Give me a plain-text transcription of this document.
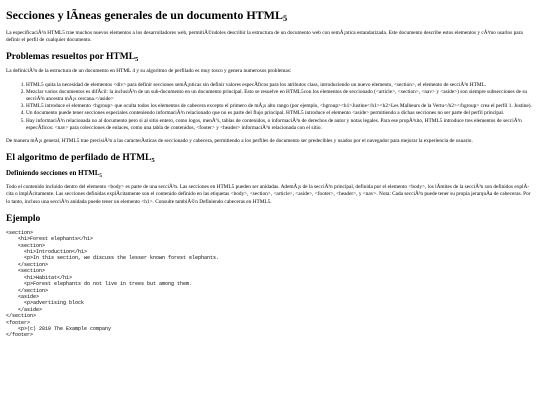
Secciones y lÃneas generales de un documento $HTML_5$

La especificaciÃ³n HTML5 trae muchos nuevos elementos a los desarrolladores web, permitiÃ©ndoles describir la estructura de un documento web con semÃ¡ntica estandarizada. Este documento describe estos elementos y cÃ³mo usarlos para definir el perfil de cualquier documento.

Problemas resueltos por $HTML_5$

La definiciÃ³n de la estructura de un documento en HTML 4 y su algoritmo de perfilado es muy tosco y genera numerosos problemas:

1. HTML5 quita la necesidad de elementos <div> para definir secciones semÃ¡nticas sin definir valores especÃficos para los atributos class, introduciendo un nuevo elemento, <section>, el elemento de secciÃ³n HTML.
2. Mezclar varios documentos es difÃcil: la inclusiÃ³n de un sub-documento en un documento principal. Esto se resuelve en HTML5con los elementos de seccionado (<article>, <section>, <nav> y <aside>) son siempre subsecciones de su secciÃ³n ancestra mÃ¡s cercana.</aside>
3. HTML5 introduce el elemento <hgroup> que oculta todos los elementos de cabecera excepto el primero de mÃ¡s alto rango (por ejemplo, <hgroup><h1>Justine</h1><h2>Les Malheurs de la Vertu</h2></hgroup> crea el perfil 1. Justine).
4. Un documento puede tener secciones especiales conteniendo informaciÃ³n relacionado que no es parte del flujo principal. HTML5 introduce el elemento <aside> permitiendo a dichas secciones no ser parte del perfil principal.
5. Hay informaciÃ³n relacionada no al documento pero si al sitio entero, como logos, menÃºs, tablas de contenidos, o informaciÃ³n de derechos de autor y notas legales. Para ese propÃ³sito, HTML5 introduce tres elementos de secciÃ³n especÃficos: <nav> para colecciones de enlaces, como una tabla de contenidos, <footer> y <header> informaciÃ³n relacionada con el sitio.

De manera mÃ¡s general, HTML5 trae precisiÃ³n a las caracterÃsticas de seccionado y cabecera, permitiendo a los perfiles de documento ser predecibles y usados por el navegador para mejorar la experiencia de usuario.

El algoritmo de perfilado de $HTML_5$
Definiendo secciones en $HTML_5$

Todo el contenido incluido dentro del elemento <body> es parte de una secciÃ³n. Las secciones en HTML5 pueden ser anidadas. AdemÃ¡s de la secciÃ³n principal, definida por el elemento <body>, los lÃmites de la secciÃ³n son definidos explÃcita o implÃcitamente. Las secciones definidas explÃcitamente son el contenido definido en las etiquetas <body>, <section>, <article>, <aside>, <footer>, <header>, y <nav>. Nota: Cada secciÃ³n puede tener su propia jerarquÃa de cabeceras. Por lo tanto, incluso una secciÃ³n anidada puede tener un elemento <h1>. Consulte tambiÃ©n Definiendo cabeceras en HTML5.

Ejemplo
<section>
<h1>Forest elephants</h1>
<section>
<h1>Introduction</h1>
<p>In this section, we discuss the lesser known forest elephants.
</section>
<section>
<h1>Habitat</h1>
<p>Forest elephants do not live in trees but among them.
</section>
<aside>
<p>advertising block
</aside>
</section>
<footer>
<p>(c) 2010 The Example company
</footer>
